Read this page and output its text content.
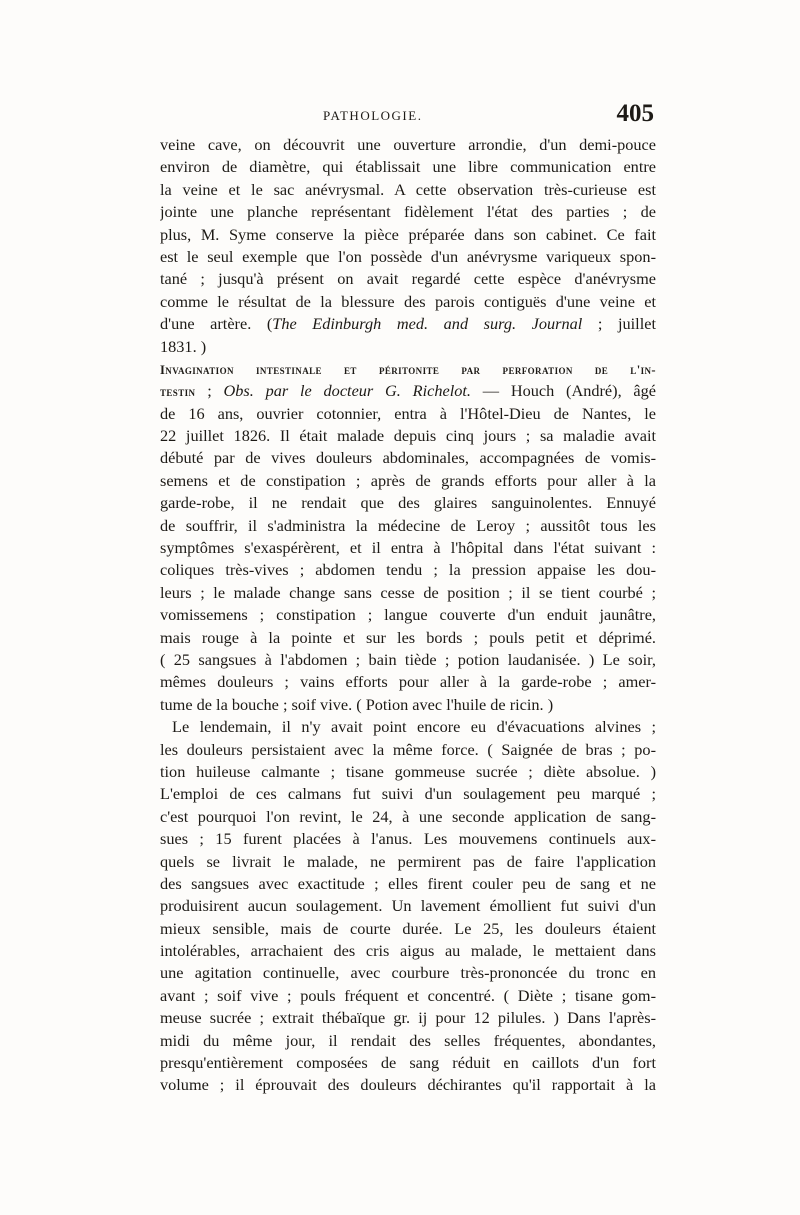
PATHOLOGIE.	405
veine cave, on découvrit une ouverture arrondie, d'un demi-pouce
environ de diamètre, qui établissait une libre communication entre
la veine et le sac anévrysmal. A cette observation très-curieuse est
jointe une planche représentant fidèlement l'état des parties ; de
plus, M. Syme conserve la pièce préparée dans son cabinet. Ce fait
est le seul exemple que l'on possède d'un anévrysme variqueux spon-
tané ; jusqu'à présent on avait regardé cette espèce d'anévrysme
comme le résultat de la blessure des parois contiguës d'une veine et
d'une artère. (The Edinburgh med. and surg. Journal ; juillet
1831. )
Invagination intestinale et péritonite par perforation de l'in-
testin ; Obs. par le docteur G. Richelot. — Houch (André), âgé
de 16 ans, ouvrier cotonnier, entra à l'Hôtel-Dieu de Nantes, le
22 juillet 1826. Il était malade depuis cinq jours ; sa maladie avait
débuté par de vives douleurs abdominales, accompagnées de vomis-
semens et de constipation ; après de grands efforts pour aller à la
garde-robe, il ne rendait que des glaires sanguinolentes. Ennuyé
de souffrir, il s'administra la médecine de Leroy ; aussitôt tous les
symptômes s'exaspérèrent, et il entra à l'hôpital dans l'état suivant :
coliques très-vives ; abdomen tendu ; la pression appaise les dou-
leurs ; le malade change sans cesse de position ; il se tient courbé ;
vomissemens ; constipation ; langue couverte d'un enduit jaunâtre,
mais rouge à la pointe et sur les bords ; pouls petit et déprimé.
( 25 sangsues à l'abdomen ; bain tiède ; potion laudanisée. ) Le soir,
mêmes douleurs ; vains efforts pour aller à la garde-robe ; amer-
tume de la bouche ; soif vive. ( Potion avec l'huile de ricin. )
Le lendemain, il n'y avait point encore eu d'évacuations alvines ;
les douleurs persistaient avec la même force. ( Saignée de bras ; po-
tion huileuse calmante ; tisane gommeuse sucrée ; diète absolue. )
L'emploi de ces calmans fut suivi d'un soulagement peu marqué ;
c'est pourquoi l'on revint, le 24, à une seconde application de sang-
sues ; 15 furent placées à l'anus. Les mouvemens continuels aux-
quels se livrait le malade, ne permirent pas de faire l'application
des sangsues avec exactitude ; elles firent couler peu de sang et ne
produisirent aucun soulagement. Un lavement émollient fut suivi d'un
mieux sensible, mais de courte durée. Le 25, les douleurs étaient
intolérables, arrachaient des cris aigus au malade, le mettaient dans
une agitation continuelle, avec courbure très-prononcée du tronc en
avant ; soif vive ; pouls fréquent et concentré. ( Diète ; tisane gom-
meuse sucrée ; extrait thébaïque gr. ij pour 12 pilules. ) Dans l'après-
midi du même jour, il rendait des selles fréquentes, abondantes,
presqu'entièrement composées de sang réduit en caillots d'un fort
volume ; il éprouvait des douleurs déchirantes qu'il rapportait à la
